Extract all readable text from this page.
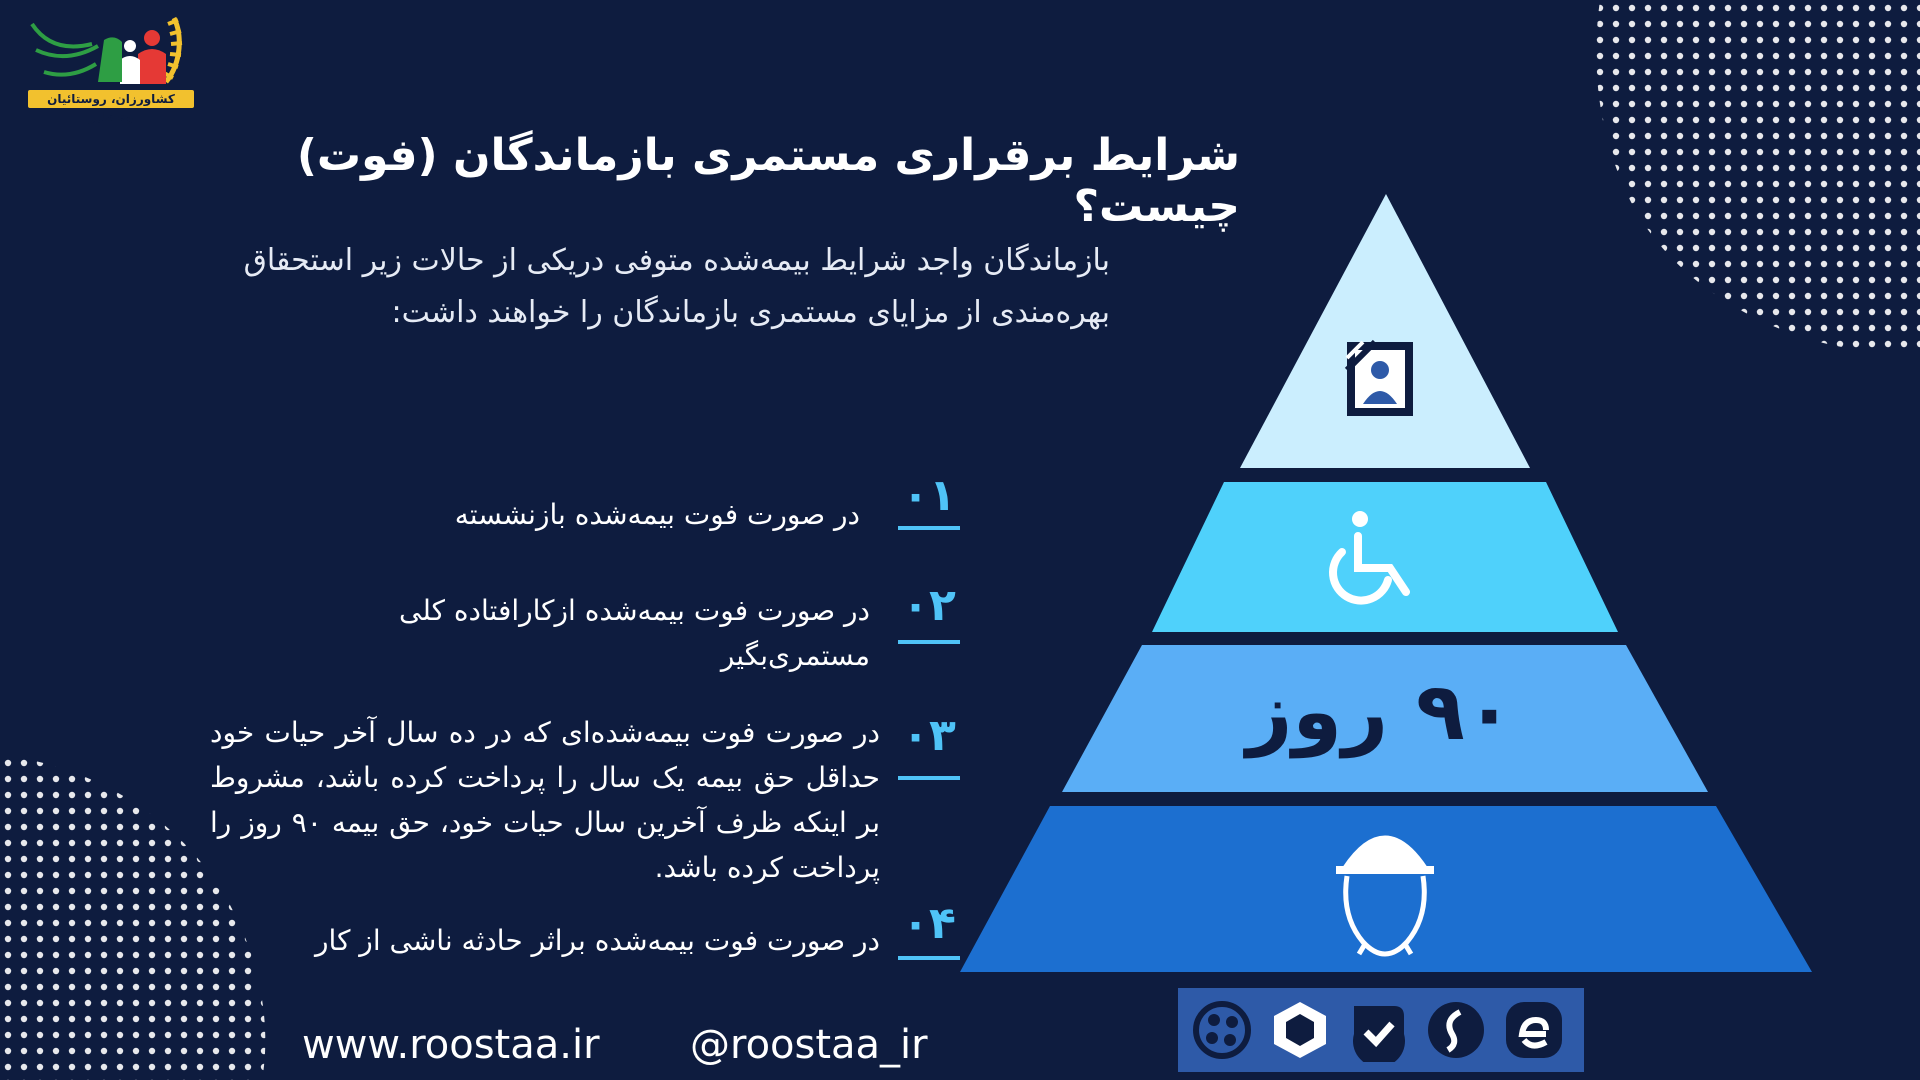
کشاورزان، روستائیان وعشایر
شرایط برقراری مستمری بازماندگان (فوت) چیست؟
بازماندگان واجد شرایط بیمه‌شده متوفی دریکی از حالات زیر استحقاق بهره‌مندی از مزایای مستمری بازماندگان را خواهند داشت:
۰۱
در صورت فوت بیمه‌شده بازنشسته
۰۲
در صورت فوت بیمه‌شده ازکارافتاده کلی مستمری‌بگیر
۰۳
در صورت فوت بیمه‌شده‌ای که در ده سال آخر حیات خود حداقل حق بیمه یک سال را پرداخت کرده باشد، مشروط بر اینکه ظرف آخرین سال حیات خود، حق بیمه ۹۰ روز را پرداخت کرده باشد.
۰۴
در صورت فوت بیمه‌شده براثر حادثه ناشی از کار
۹۰ روز
www.roostaa.ir @roostaa_ir
